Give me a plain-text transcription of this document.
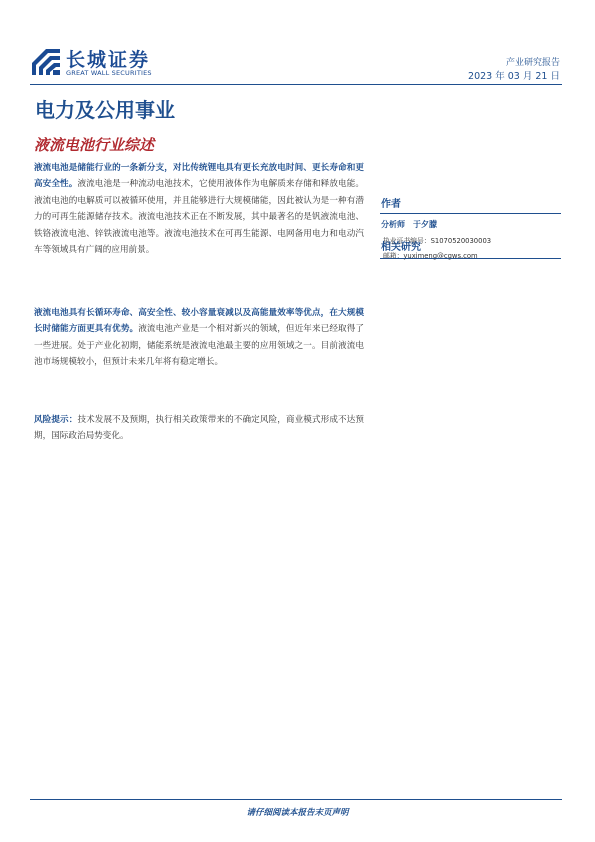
长城证券
GREAT WALL SECURITIES
产业研究报告
2023 年 03 月 21 日
电力及公用事业
液流电池行业综述
液流电池是储能行业的一条新分支，对比传统锂电具有更长充放电时间、更长寿命和更高安全性。液流电池是一种流动电池技术，它使用液体作为电解质来存储和释放电能。液流电池的电解质可以被循环使用，并且能够进行大规模储能，因此被认为是一种有潜力的可再生能源储存技术。液流电池技术正在不断发展，其中最著名的是钒液流电池、铁铬液流电池、锌铁液流电池等。液流电池技术在可再生能源、电网备用电力和电动汽车等领域具有广阔的应用前景。
液流电池具有长循环寿命、高安全性、较小容量衰减以及高能量效率等优点，在大规模长时储能方面更具有优势。液流电池产业是一个相对新兴的领域，但近年来已经取得了一些进展。处于产业化初期，储能系统是液流电池最主要的应用领域之一。目前液流电池市场规模较小，但预计未来几年将有稳定增长。
风险提示：技术发展不及预期，执行相关政策带来的不确定风险，商业模式形成不达预期，国际政治局势变化。
作者
分析师 于夕朦
执业证书编号：S1070520030003
邮箱：yuximeng@cgws.com
相关研究
请仔细阅读本报告末页声明
